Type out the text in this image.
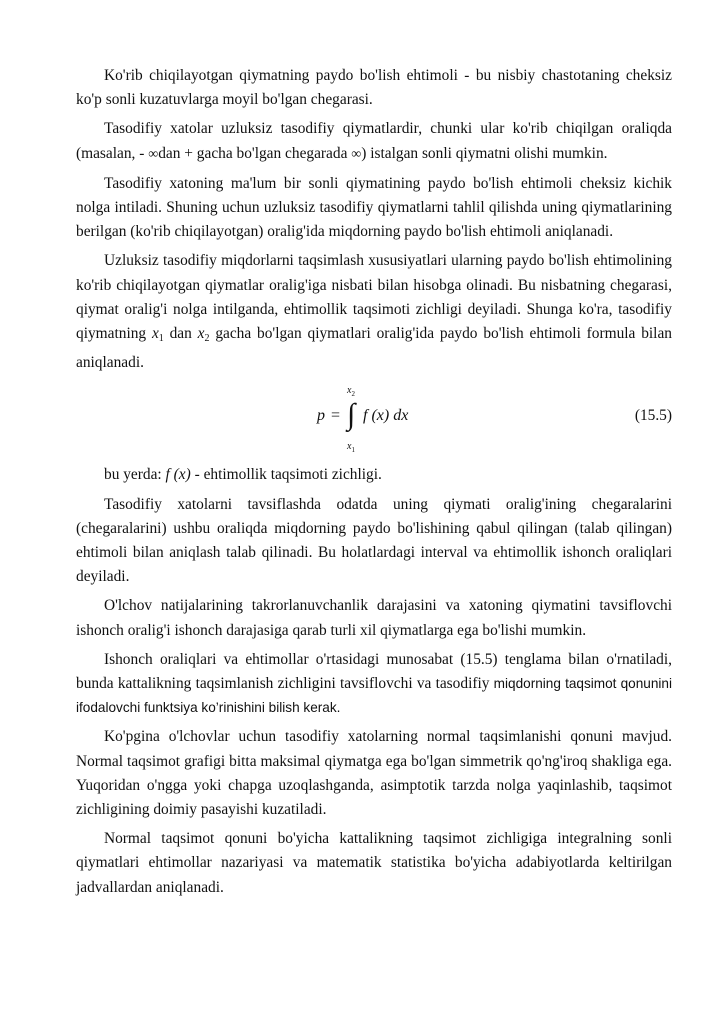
Ko'rib chiqilayotgan qiymatning paydo bo'lish ehtimoli - bu nisbiy chastotaning cheksiz ko'p sonli kuzatuvlarga moyil bo'lgan chegarasi.

Tasodifiy xatolar uzluksiz tasodifiy qiymatlardir, chunki ular ko'rib chiqilgan oraliqda (masalan, - ∞dan + gacha bo'lgan chegarada ∞) istalgan sonli qiymatni olishi mumkin.

Tasodifiy xatoning ma'lum bir sonli qiymatining paydo bo'lish ehtimoli cheksiz kichik nolga intiladi. Shuning uchun uzluksiz tasodifiy qiymatlarni tahlil qilishda uning qiymatlarining berilgan (ko'rib chiqilayotgan) oralig'ida miqdorning paydo bo'lish ehtimoli aniqlanadi.

Uzluksiz tasodifiy miqdorlarni taqsimlash xususiyatlari ularning paydo bo'lish ehtimolining ko'rib chiqilayotgan qiymatlar oralig'iga nisbati bilan hisobga olinadi. Bu nisbatning chegarasi, qiymat oralig'i nolga intilganda, ehtimollik taqsimoti zichligi deyiladi. Shunga ko'ra, tasodifiy qiymatning $x_1$ dan $x_2$ gacha bo'lgan qiymatlari oralig'ida paydo bo'lish ehtimoli formula bilan aniqlanadi.

p =
$x_2$
∫
$x_1$
f (x) dx	(15.5)

bu yerda: f (x) - ehtimollik taqsimoti zichligi.

Tasodifiy xatolarni tavsiflashda odatda uning qiymati oralig'ining chegaralarini (chegaralarini) ushbu oraliqda miqdorning paydo bo'lishining qabul qilingan (talab qilingan) ehtimoli bilan aniqlash talab qilinadi. Bu holatlardagi interval va ehtimollik ishonch oraliqlari deyiladi.

O'lchov natijalarining takrorlanuvchanlik darajasini va xatoning qiymatini tavsiflovchi ishonch oralig'i ishonch darajasiga qarab turli xil qiymatlarga ega bo'lishi mumkin.

Ishonch oraliqlari va ehtimollar o'rtasidagi munosabat (15.5) tenglama bilan o'rnatiladi, bunda kattalikning taqsimlanish zichligini tavsiflovchi va tasodifiy miqdorning taqsimot qonunini ifodalovchi funktsiya ko’rinishini bilish kerak.

Ko'pgina o'lchovlar uchun tasodifiy xatolarning normal taqsimlanishi qonuni mavjud. Normal taqsimot grafigi bitta maksimal qiymatga ega bo'lgan simmetrik qo'ng'iroq shakliga ega. Yuqoridan o'ngga yoki chapga uzoqlashganda, asimptotik tarzda nolga yaqinlashib, taqsimot zichligining doimiy pasayishi kuzatiladi.

Normal taqsimot qonuni bo'yicha kattalikning taqsimot zichligiga integralning sonli qiymatlari ehtimollar nazariyasi va matematik statistika bo'yicha adabiyotlarda keltirilgan jadvallardan aniqlanadi.
